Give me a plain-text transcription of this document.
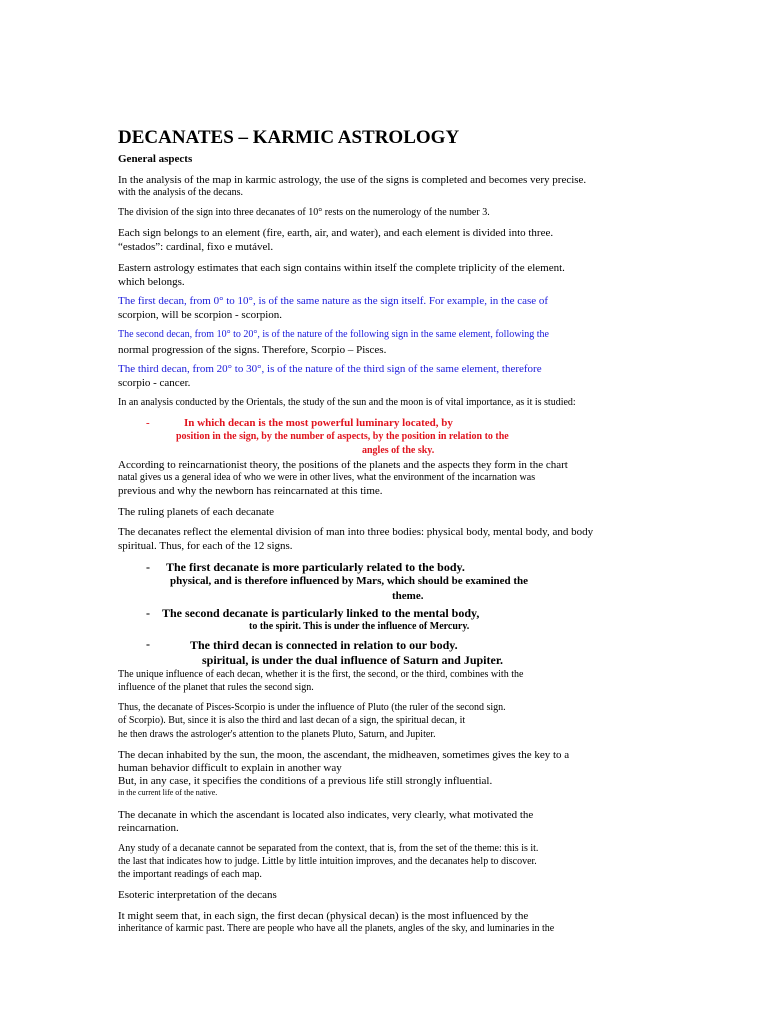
DECANATES – KARMIC ASTROLOGY
General aspects
In the analysis of the map in karmic astrology, the use of the signs is completed and becomes very precise.
with the analysis of the decans.
The division of the sign into three decanates of 10° rests on the numerology of the number 3.
Each sign belongs to an element (fire, earth, air, and water), and each element is divided into three.
“estados”: cardinal, fixo e mutável.
Eastern astrology estimates that each sign contains within itself the complete triplicity of the element.
which belongs.
The first decan, from 0° to 10°, is of the same nature as the sign itself. For example, in the case of
scorpion, will be scorpion - scorpion.
The second decan, from 10° to 20°, is of the nature of the following sign in the same element, following the
normal progression of the signs. Therefore, Scorpio – Pisces.
The third decan, from 20° to 30°, is of the nature of the third sign of the same element, therefore
scorpio - cancer.
In an analysis conducted by the Orientals, the study of the sun and the moon is of vital importance, as it is studied:
-	In which decan is the most powerful luminary located, by
position in the sign, by the number of aspects, by the position in relation to the
angles of the sky.
According to reincarnationist theory, the positions of the planets and the aspects they form in the chart
natal gives us a general idea of who we were in other lives, what the environment of the incarnation was
previous and why the newborn has reincarnated at this time.
The ruling planets of each decanate
The decanates reflect the elemental division of man into three bodies: physical body, mental body, and body
spiritual. Thus, for each of the 12 signs.
- The first decanate is more particularly related to the body.
physical, and is therefore influenced by Mars, which should be examined the
theme.
- The second decanate is particularly linked to the mental body,
to the spirit. This is under the influence of Mercury.
-	The third decan is connected in relation to our body.
spiritual, is under the dual influence of Saturn and Jupiter.
The unique influence of each decan, whether it is the first, the second, or the third, combines with the
influence of the planet that rules the second sign.
Thus, the decanate of Pisces-Scorpio is under the influence of Pluto (the ruler of the second sign.
of Scorpio). But, since it is also the third and last decan of a sign, the spiritual decan, it
he then draws the astrologer's attention to the planets Pluto, Saturn, and Jupiter.
The decan inhabited by the sun, the moon, the ascendant, the midheaven, sometimes gives the key to a
human behavior difficult to explain in another way
But, in any case, it specifies the conditions of a previous life still strongly influential.
in the current life of the native.
The decanate in which the ascendant is located also indicates, very clearly, what motivated the
reincarnation.
Any study of a decanate cannot be separated from the context, that is, from the set of the theme: this is it.
the last that indicates how to judge. Little by little intuition improves, and the decanates help to discover.
the important readings of each map.
Esoteric interpretation of the decans
It might seem that, in each sign, the first decan (physical decan) is the most influenced by the
inheritance of karmic past. There are people who have all the planets, angles of the sky, and luminaries in the
